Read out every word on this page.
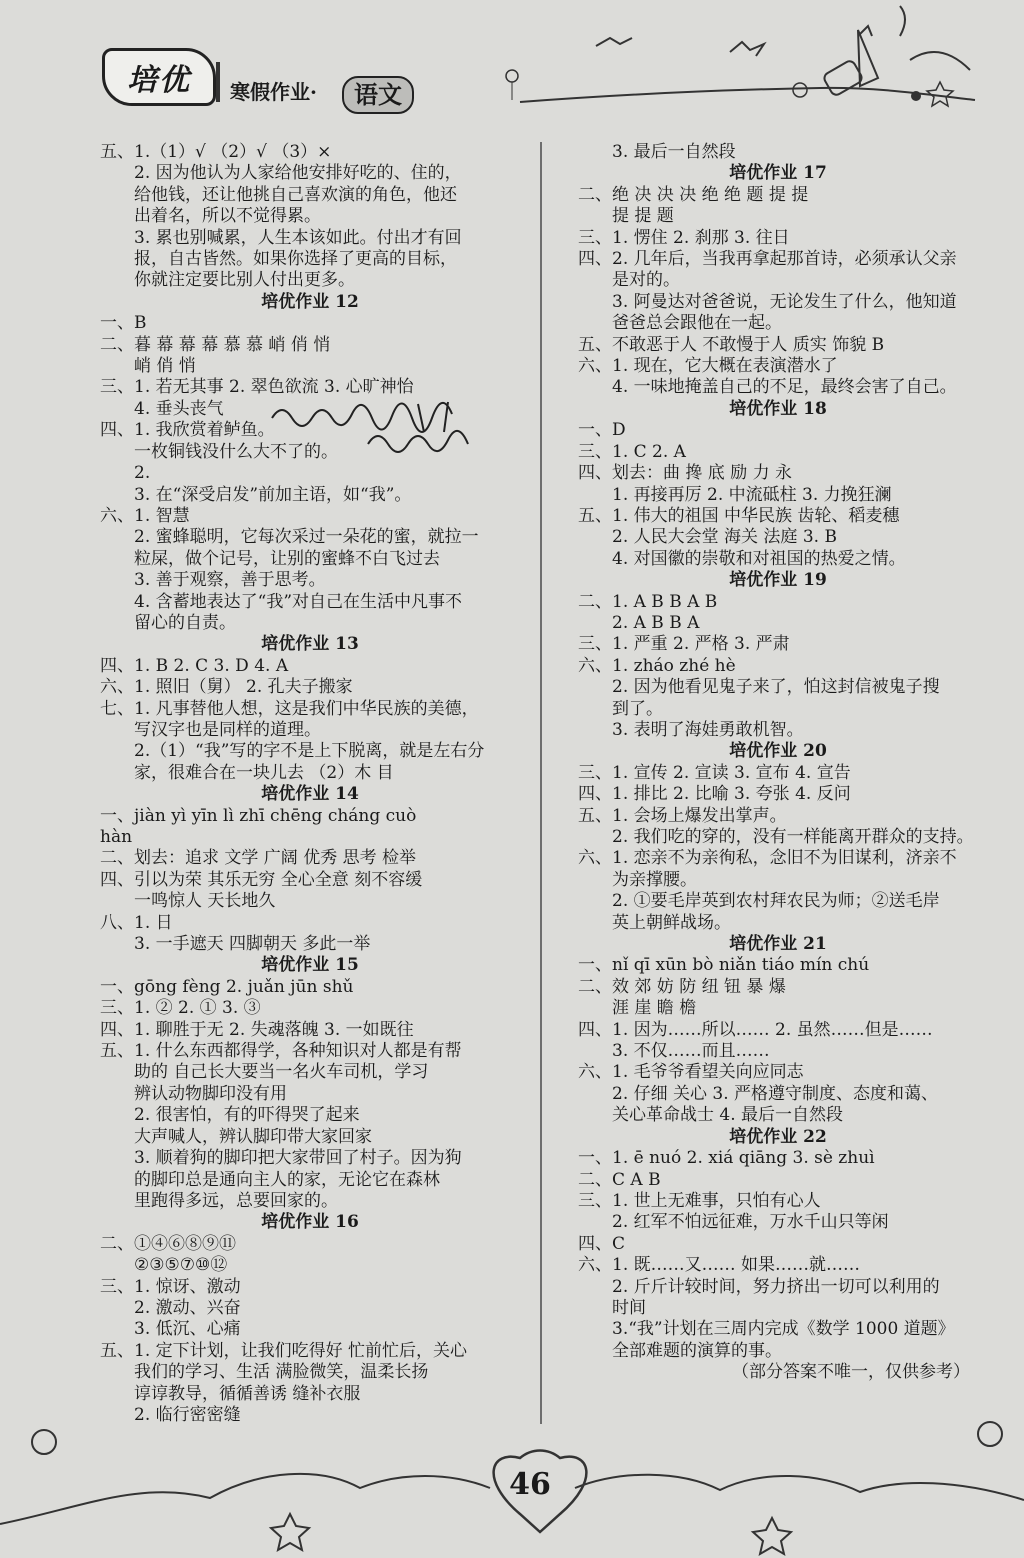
培优 寒假作业·	语文
五、1.（1）√ （2）√ （3）×
2. 因为他认为人家给他安排好吃的、住的，
给他钱，还让他挑自己喜欢演的角色，他还
出着名，所以不觉得累。
3. 累也别喊累，人生本该如此。付出才有回
报，自古皆然。如果你选择了更高的目标，
你就注定要比别人付出更多。
培优作业 12
一、B
二、暮 幕 幕 幕 慕 慕 峭 俏 悄
峭 俏 悄
三、1. 若无其事 2. 翠色欲流 3. 心旷神怡
4. 垂头丧气
四、1. 我欣赏着鲈鱼。
一枚铜钱没什么大不了的。
2.
3. 在“深受启发”前加主语，如“我”。
六、1. 智慧
2. 蜜蜂聪明，它每次采过一朵花的蜜，就拉一
粒屎，做个记号，让别的蜜蜂不白飞过去
3. 善于观察，善于思考。
4. 含蓄地表达了“我”对自己在生活中凡事不
留心的自责。
培优作业 13
四、1. B 2. C 3. D 4. A
六、1. 照旧（舅） 2. 孔夫子搬家
七、1. 凡事替他人想，这是我们中华民族的美德，
写汉字也是同样的道理。
2.（1）“我”写的字不是上下脱离，就是左右分
家，很难合在一块儿去 （2）木 目
培优作业 14
一、jiàn yì yīn lì zhī chēng cháng cuò
hàn
二、划去：追求 文学 广阔 优秀 思考 检举
四、引以为荣 其乐无穷 全心全意 刻不容缓
一鸣惊人 天长地久
八、1. 日
3. 一手遮天 四脚朝天 多此一举
培优作业 15
一、gōng fèng 2. juǎn jūn shǔ
三、1. ② 2. ① 3. ③
四、1. 聊胜于无 2. 失魂落魄 3. 一如既往
五、1. 什么东西都得学，各种知识对人都是有帮
助的 自己长大要当一名火车司机，学习
辨认动物脚印没有用
2. 很害怕，有的吓得哭了起来
大声喊人，辨认脚印带大家回家
3. 顺着狗的脚印把大家带回了村子。因为狗
的脚印总是通向主人的家，无论它在森林
里跑得多远，总要回家的。
培优作业 16
二、①④⑥⑧⑨⑪
②③⑤⑦⑩⑫
三、1. 惊讶、激动
2. 激动、兴奋
3. 低沉、心痛
五、1. 定下计划，让我们吃得好 忙前忙后，关心
我们的学习、生活 满脸微笑，温柔长扬
谆谆教导，循循善诱 缝补衣服
2. 临行密密缝
3. 最后一自然段
培优作业 17
二、绝 决 决 决 绝 绝 题 提 提
提 提 题
三、1. 愣住 2. 刹那 3. 往日
四、2. 几年后，当我再拿起那首诗，必须承认父亲
是对的。
3. 阿曼达对爸爸说，无论发生了什么，他知道
爸爸总会跟他在一起。
五、不敢恶于人 不敢慢于人 质实 饰貌 B
六、1. 现在，它大概在表演潜水了
4. 一味地掩盖自己的不足，最终会害了自己。
培优作业 18
一、D
三、1. C 2. A
四、划去：曲 搀 底 励 力 永
1. 再接再厉 2. 中流砥柱 3. 力挽狂澜
五、1. 伟大的祖国 中华民族 齿轮、稻麦穗
2. 人民大会堂 海关 法庭 3. B
4. 对国徽的崇敬和对祖国的热爱之情。
培优作业 19
二、1. A B B A B
2. A B B A
三、1. 严重 2. 严格 3. 严肃
六、1. zháo zhé hè
2. 因为他看见鬼子来了，怕这封信被鬼子搜
到了。
3. 表明了海娃勇敢机智。
培优作业 20
三、1. 宣传 2. 宣读 3. 宣布 4. 宣告
四、1. 排比 2. 比喻 3. 夸张 4. 反问
五、1. 会场上爆发出掌声。
2. 我们吃的穿的，没有一样能离开群众的支持。
六、1. 恋亲不为亲徇私，念旧不为旧谋利，济亲不
为亲撑腰。
2. ①要毛岸英到农村拜农民为师；②送毛岸
英上朝鲜战场。
培优作业 21
一、nǐ qī xūn bò niǎn tiáo mín chú
二、效 郊 妨 防 纽 钮 暴 爆
涯 崖 瞻 檐
四、1. 因为……所以…… 2. 虽然……但是……
3. 不仅……而且……
六、1. 毛爷爷看望关向应同志
2. 仔细 关心 3. 严格遵守制度、态度和蔼、
关心革命战士 4. 最后一自然段
培优作业 22
一、1. ē nuó 2. xiá qiāng 3. sè zhuì
二、C A B
三、1. 世上无难事，只怕有心人
2. 红军不怕远征难，万水千山只等闲
四、C
六、1. 既……又…… 如果……就……
2. 斤斤计较时间，努力挤出一切可以利用的
时间
3.“我”计划在三周内完成《数学 1000 道题》
全部难题的演算的事。
（部分答案不唯一，仅供参考）
46
